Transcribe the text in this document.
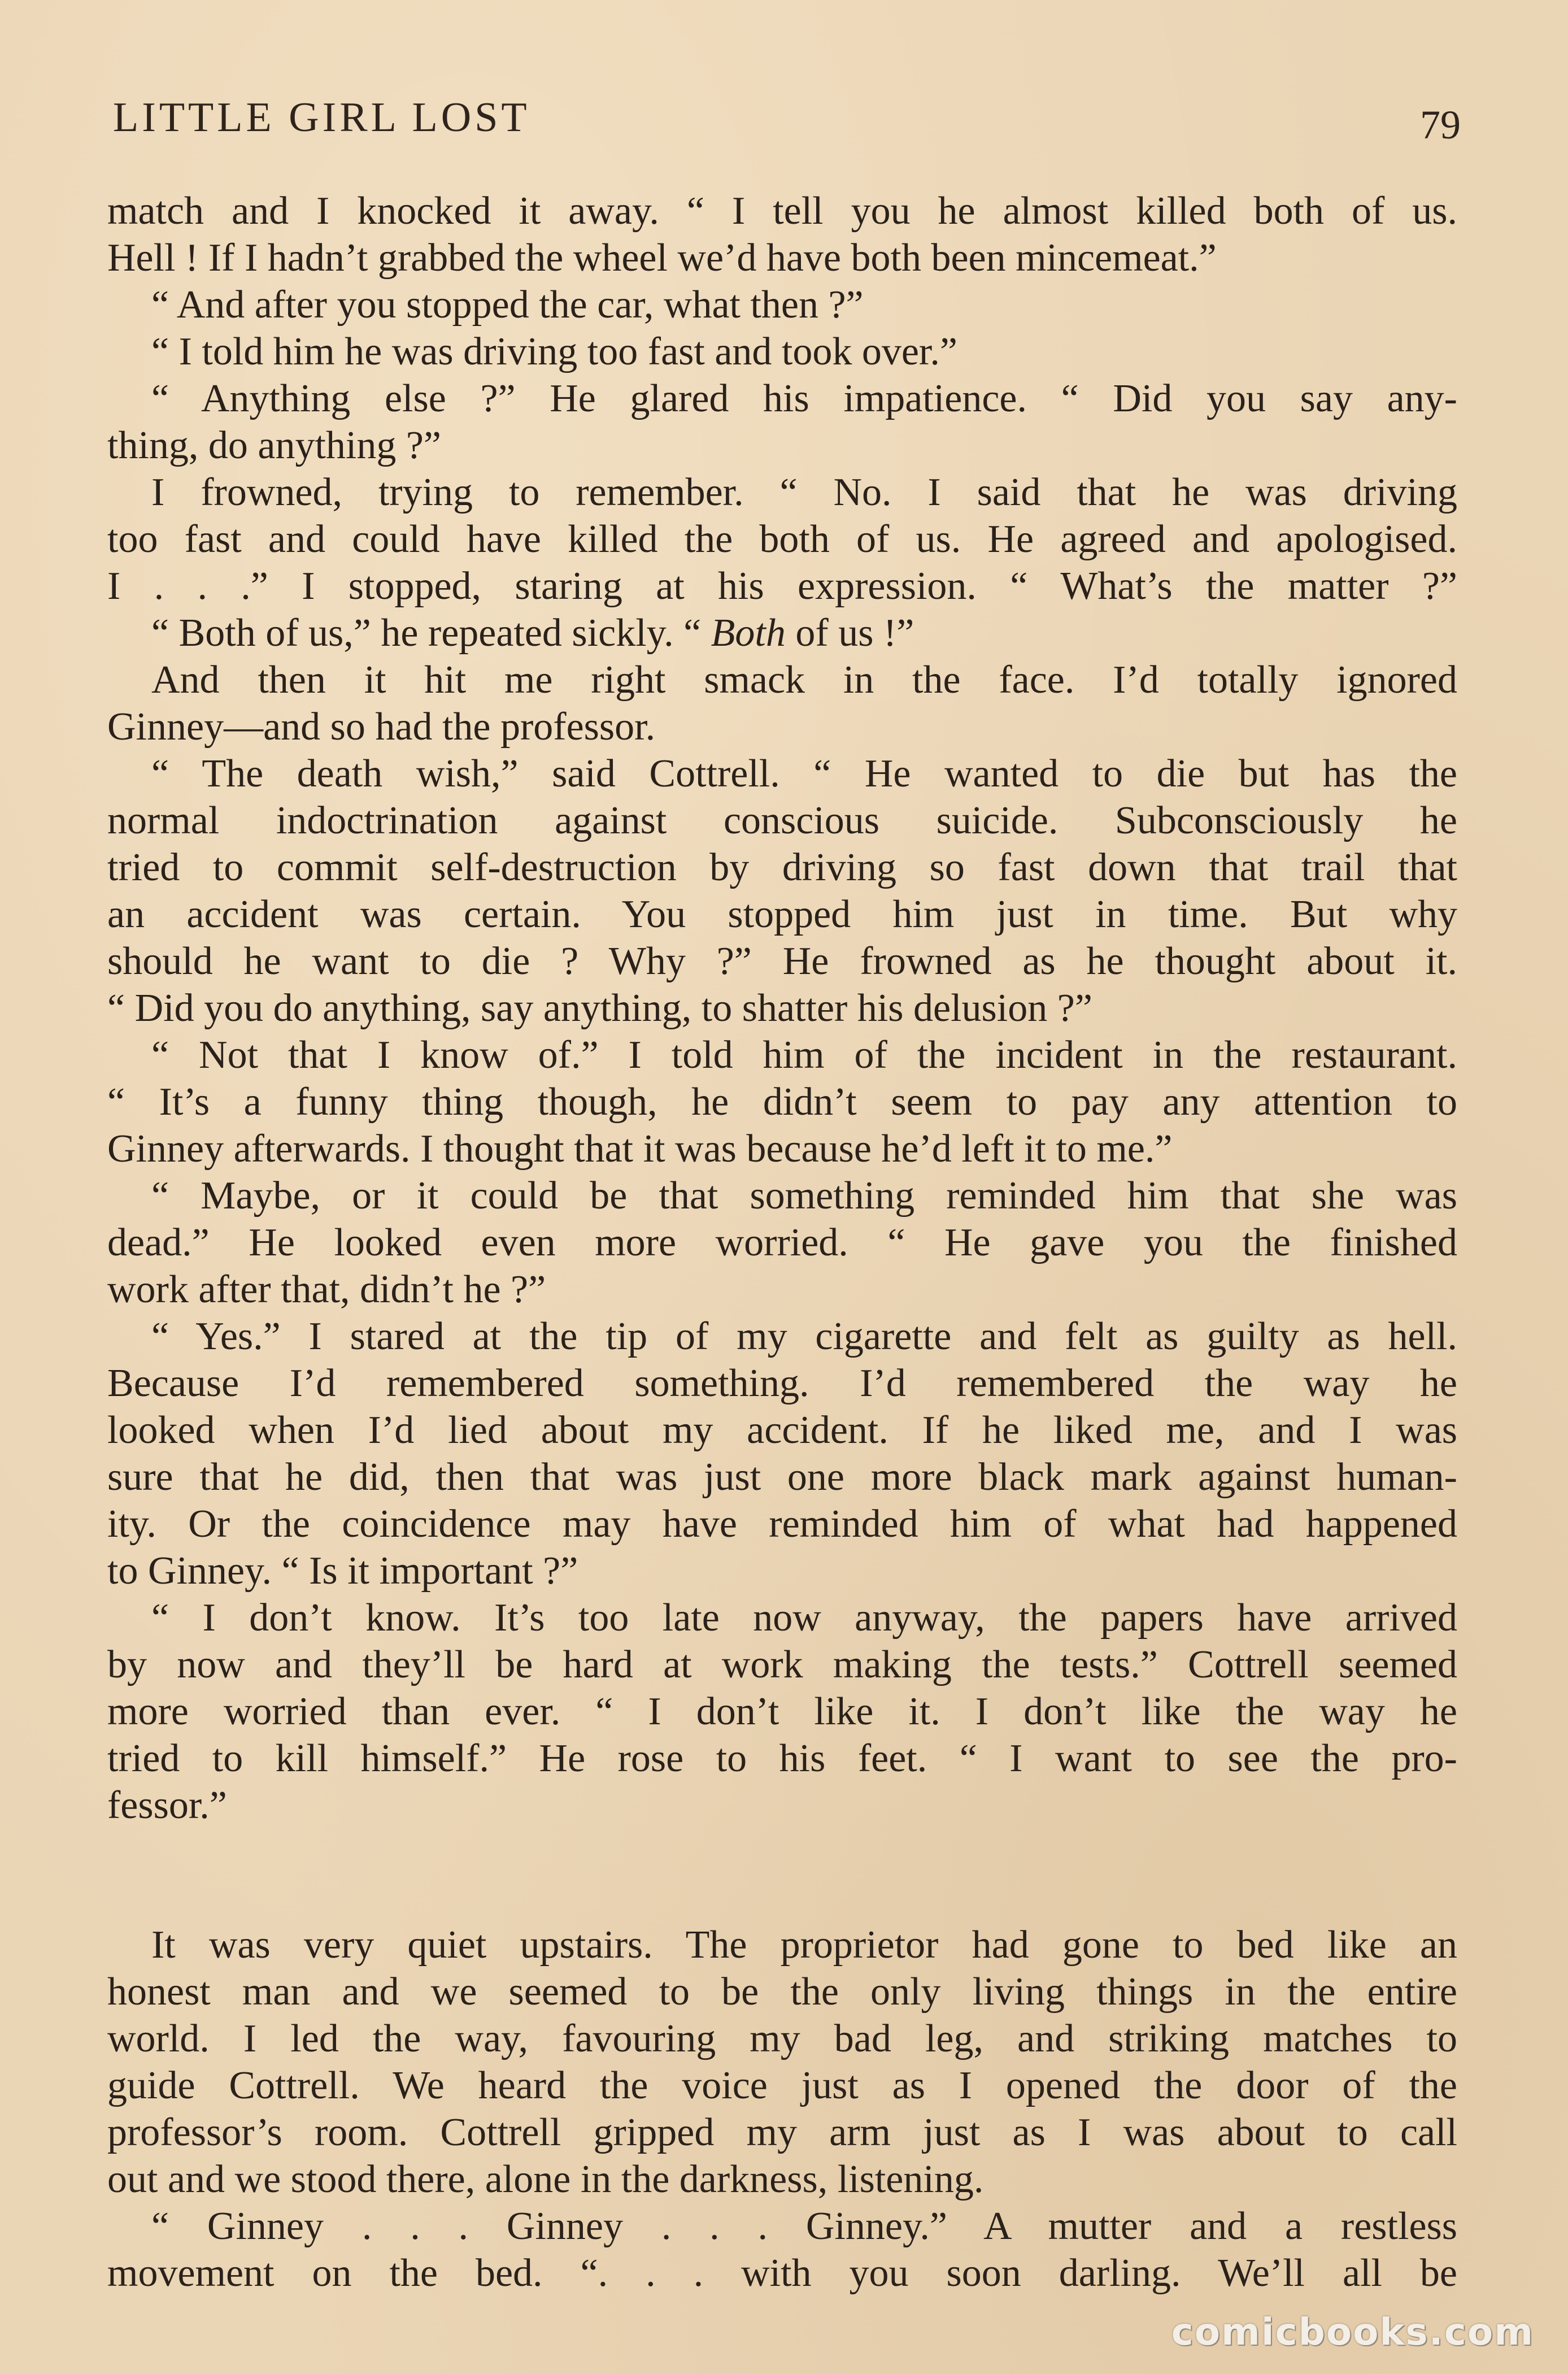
LITTLE GIRL LOST	79
match and I knocked it away. “ I tell you he almost killed both of us.
Hell ! If I hadn’t grabbed the wheel we’d have both been mincemeat.”
“ And after you stopped the car, what then ?”
“ I told him he was driving too fast and took over.”
“ Anything else ?” He glared his impatience. “ Did you say any-
thing, do anything ?”
I frowned, trying to remember. “ No. I said that he was driving
too fast and could have killed the both of us. He agreed and apologised.
I . . .” I stopped, staring at his expression. “ What’s the matter ?”
“ Both of us,” he repeated sickly. “ Both of us !”
And then it hit me right smack in the face. I’d totally ignored
Ginney—and so had the professor.
“ The death wish,” said Cottrell. “ He wanted to die but has the
normal indoctrination against conscious suicide. Subconsciously he
tried to commit self-destruction by driving so fast down that trail that
an accident was certain. You stopped him just in time. But why
should he want to die ? Why ?” He frowned as he thought about it.
“ Did you do anything, say anything, to shatter his delusion ?”
“ Not that I know of.” I told him of the incident in the restaurant.
“ It’s a funny thing though, he didn’t seem to pay any attention to
Ginney afterwards. I thought that it was because he’d left it to me.”
“ Maybe, or it could be that something reminded him that she was
dead.” He looked even more worried. “ He gave you the finished
work after that, didn’t he ?”
“ Yes.” I stared at the tip of my cigarette and felt as guilty as hell.
Because I’d remembered something. I’d remembered the way he
looked when I’d lied about my accident. If he liked me, and I was
sure that he did, then that was just one more black mark against human-
ity. Or the coincidence may have reminded him of what had happened
to Ginney. “ Is it important ?”
“ I don’t know. It’s too late now anyway, the papers have arrived
by now and they’ll be hard at work making the tests.” Cottrell seemed
more worried than ever. “ I don’t like it. I don’t like the way he
tried to kill himself.” He rose to his feet. “ I want to see the pro-
fessor.”
It was very quiet upstairs. The proprietor had gone to bed like an
honest man and we seemed to be the only living things in the entire
world. I led the way, favouring my bad leg, and striking matches to
guide Cottrell. We heard the voice just as I opened the door of the
professor’s room. Cottrell gripped my arm just as I was about to call
out and we stood there, alone in the darkness, listening.
“ Ginney . . . Ginney . . . Ginney.” A mutter and a restless
movement on the bed. “. . . with you soon darling. We’ll all be
comicbooks.com
